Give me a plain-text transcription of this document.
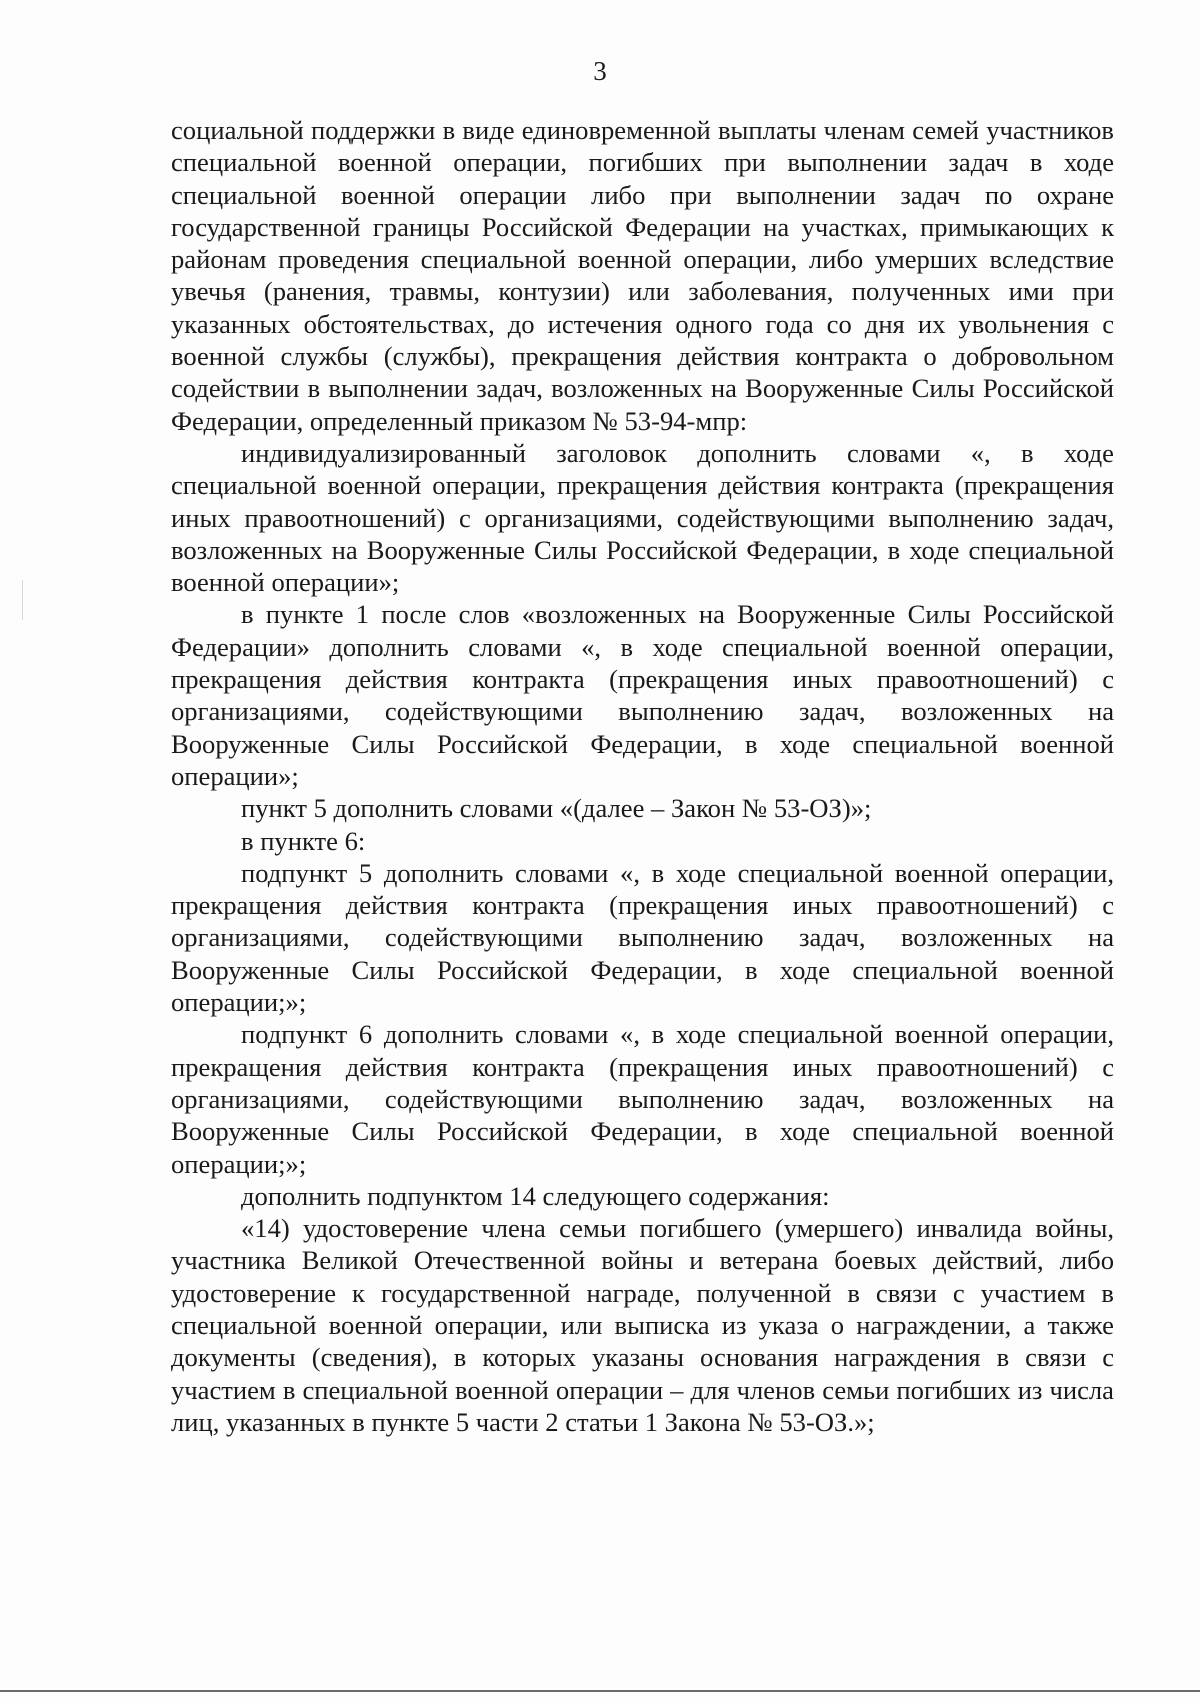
3

социальной поддержки в виде единовременной выплаты членам семей участников специальной военной операции, погибших при выполнении задач в ходе специальной военной операции либо при выполнении задач по охране государственной границы Российской Федерации на участках, примыкающих к районам проведения специальной военной операции, либо умерших вследствие увечья (ранения, травмы, контузии) или заболевания, полученных ими при указанных обстоятельствах, до истечения одного года со дня их увольнения с военной службы (службы), прекращения действия контракта о добровольном содействии в выполнении задач, возложенных на Вооруженные Силы Российской Федерации, определенный приказом № 53-94-мпр:

индивидуализированный заголовок дополнить словами «, в ходе специальной военной операции, прекращения действия контракта (прекращения иных правоотношений) с организациями, содействующими выполнению задач, возложенных на Вооруженные Силы Российской Федерации, в ходе специальной военной операции»;

в пункте 1 после слов «возложенных на Вооруженные Силы Российской Федерации» дополнить словами «, в ходе специальной военной операции, прекращения действия контракта (прекращения иных правоотношений) с организациями, содействующими выполнению задач, возложенных на Вооруженные Силы Российской Федерации, в ходе специальной военной операции»;

пункт 5 дополнить словами «(далее – Закон № 53-ОЗ)»;

в пункте 6:

подпункт 5 дополнить словами «, в ходе специальной военной операции, прекращения действия контракта (прекращения иных правоотношений) с организациями, содействующими выполнению задач, возложенных на Вооруженные Силы Российской Федерации, в ходе специальной военной операции;»;

подпункт 6 дополнить словами «, в ходе специальной военной операции, прекращения действия контракта (прекращения иных правоотношений) с организациями, содействующими выполнению задач, возложенных на Вооруженные Силы Российской Федерации, в ходе специальной военной операции;»;

дополнить подпунктом 14 следующего содержания:

«14) удостоверение члена семьи погибшего (умершего) инвалида войны, участника Великой Отечественной войны и ветерана боевых действий, либо удостоверение к государственной награде, полученной в связи с участием в специальной военной операции, или выписка из указа о награждении, а также документы (сведения), в которых указаны основания награждения в связи с участием в специальной военной операции – для членов семьи погибших из числа лиц, указанных в пункте 5 части 2 статьи 1 Закона № 53-ОЗ.»;
